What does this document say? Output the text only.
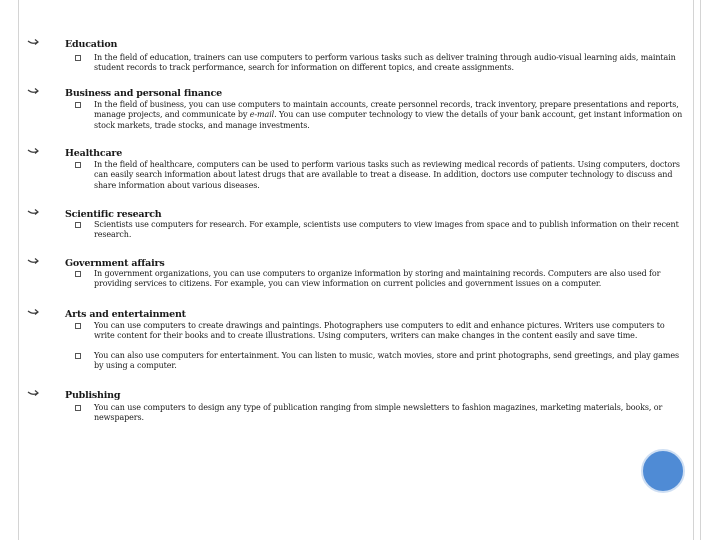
Education
In the field of education, trainers can use computers to perform various tasks such as deliver training through audio-visual learning aids, maintain student records to track performance, search for information on different topics, and create assignments.
Business and personal finance
In the field of business, you can use computers to maintain accounts, create personnel records, track inventory, prepare presentations and reports, manage projects, and communicate by e-mail. You can use computer technology to view the details of your bank account, get instant information on stock markets, trade stocks, and manage investments.
Healthcare
In the field of healthcare, computers can be used to perform various tasks such as reviewing medical records of patients. Using computers, doctors can easily search information about latest drugs that are available to treat a disease. In addition, doctors use computer technology to discuss and share information about various diseases.
Scientific research
Scientists use computers for research. For example, scientists use computers to view images from space and to publish information on their recent research.
Government affairs
In government organizations, you can use computers to organize information by storing and maintaining records. Computers are also used for providing services to citizens. For example, you can view information on current policies and government issues on a computer.
Arts and entertainment
You can use computers to create drawings and paintings. Photographers use computers to edit and enhance pictures. Writers use computers to write content for their books and to create illustrations. Using computers, writers can make changes in the content easily and save time.
You can also use computers for entertainment. You can listen to music, watch movies, store and print photographs, send greetings, and play games by using a computer.
Publishing
You can use computers to design any type of publication ranging from simple newsletters to fashion magazines, marketing materials, books, or newspapers.
